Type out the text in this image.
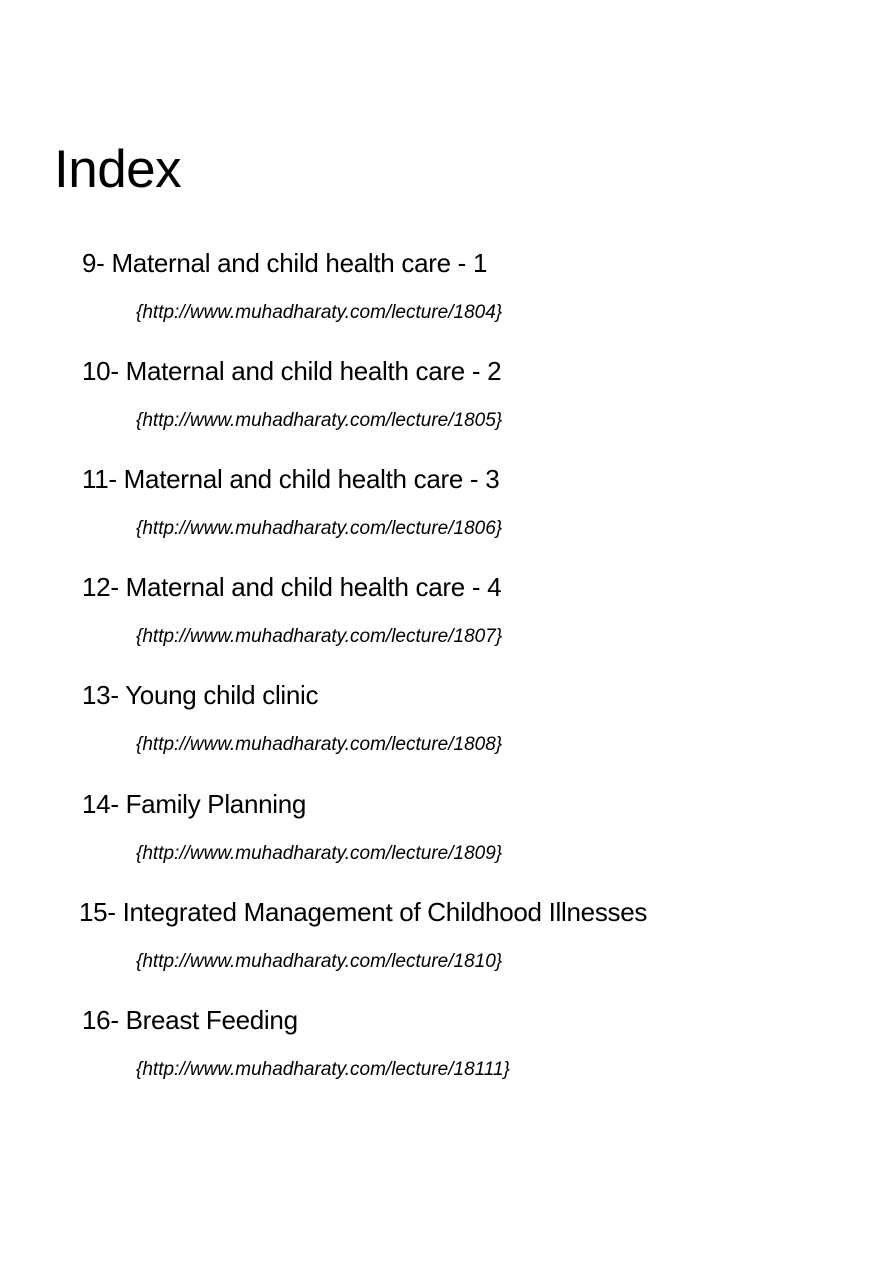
Index
9- Maternal and child health care - 1
{http://www.muhadharaty.com/lecture/1804}
10- Maternal and child health care - 2
{http://www.muhadharaty.com/lecture/1805}
11- Maternal and child health care - 3
{http://www.muhadharaty.com/lecture/1806}
12- Maternal and child health care - 4
{http://www.muhadharaty.com/lecture/1807}
13- Young child clinic
{http://www.muhadharaty.com/lecture/1808}
14- Family Planning
{http://www.muhadharaty.com/lecture/1809}
15- Integrated Management of Childhood Illnesses
{http://www.muhadharaty.com/lecture/1810}
16- Breast Feeding
{http://www.muhadharaty.com/lecture/18111}
